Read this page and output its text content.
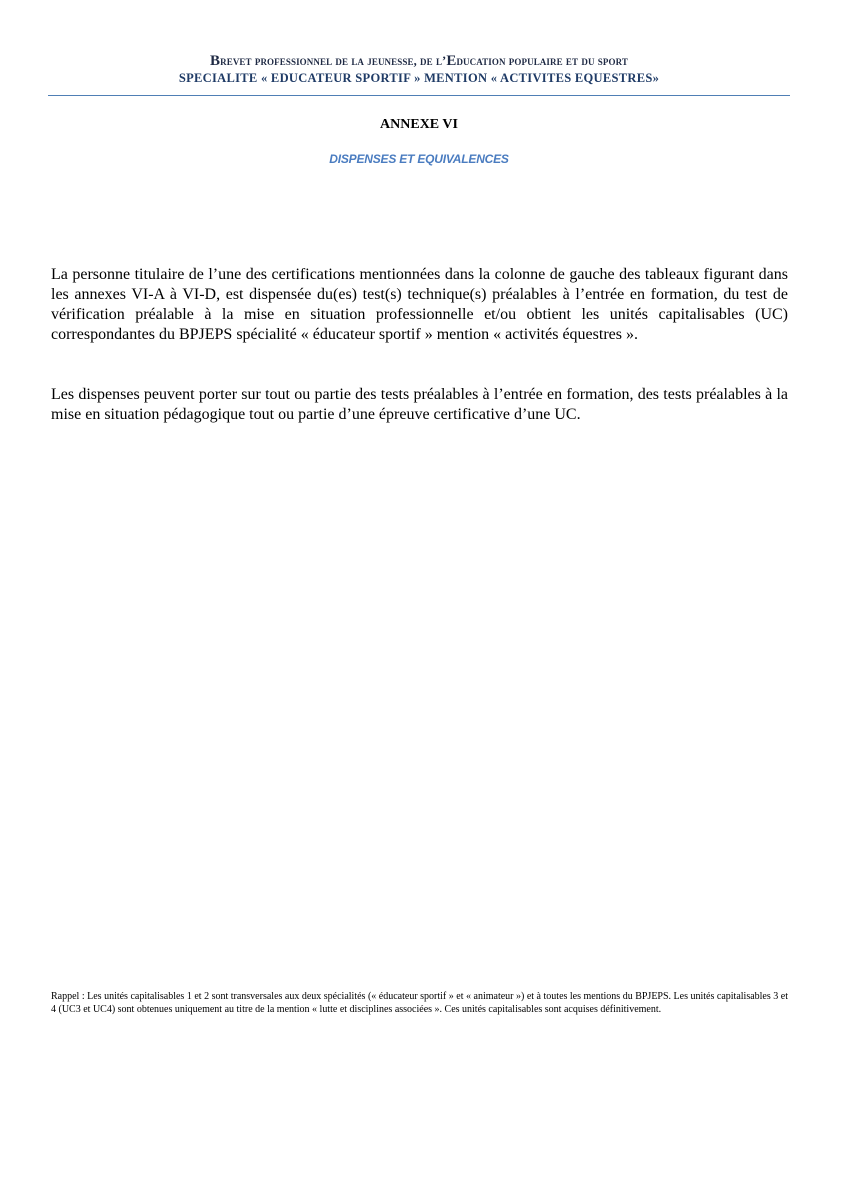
Brevet professionnel de la jeunesse, de l’Education populaire et du sport
SPECIALITE « EDUCATEUR SPORTIF » MENTION « ACTIVITES EQUESTRES»
ANNEXE VI
DISPENSES ET EQUIVALENCES
La personne titulaire de l’une des certifications mentionnées dans la colonne de gauche des tableaux figurant dans les annexes VI-A à VI-D, est dispensée du(es) test(s) technique(s) préalables à l’entrée en formation, du test de vérification préalable à la mise en situation professionnelle et/ou obtient les unités capitalisables (UC) correspondantes du BPJEPS spécialité « éducateur sportif » mention « activités équestres ».
Les dispenses peuvent porter sur tout ou partie des tests préalables à l’entrée en formation, des tests préalables à la mise en situation pédagogique tout ou partie d’une épreuve certificative d’une UC.
Rappel : Les unités capitalisables 1 et 2 sont transversales aux deux spécialités (« éducateur sportif » et « animateur ») et à toutes les mentions du BPJEPS. Les unités capitalisables 3 et 4 (UC3 et UC4) sont obtenues uniquement au titre de la mention « lutte et disciplines associées ». Ces unités capitalisables sont acquises définitivement.
